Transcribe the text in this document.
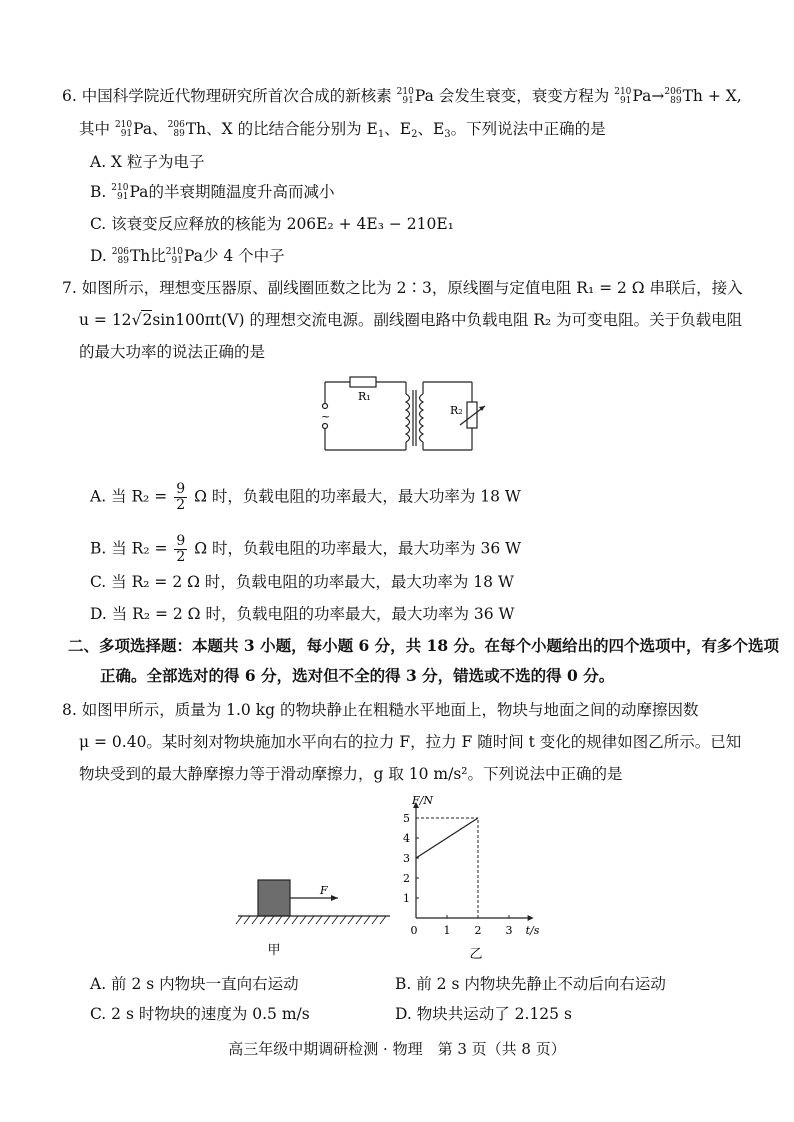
6. 中国科学院近代物理研究所首次合成的新核素 210
91 Pa 会发生衰变，衰变方程为 210
91 Pa→ 206
89 Th + X,
其中 210
91 Pa、 206
89 Th、X 的比结合能分别为 $E_1$、$E_2$、$E_3$。下列说法中正确的是
A. X 粒子为电子
B. 210
91 Pa的半衰期随温度升高而减小
C. 该衰变反应释放的核能为 206E₂ + 4E₃ − 210E₁
D. 206
89 Th比 210
91 Pa少 4 个中子
7. 如图所示，理想变压器原、副线圈匝数之比为 2∶3，原线圈与定值电阻 R₁ = 2 Ω 串联后，接入
u = 12√2sin100πt(V) 的理想交流电源。副线圈电路中负载电阻 R₂ 为可变电阻。关于负载电阻
的最大功率的说法正确的是
R₁
R₂
~
A. 当 $R_2 = \frac{9}{2}$ Ω 时，负载电阻的功率最大，最大功率为 18 W
B. 当 $R_2 = \frac{9}{2}$ Ω 时，负载电阻的功率最大，最大功率为 36 W
C. 当 R₂ = 2 Ω 时，负载电阻的功率最大，最大功率为 18 W
D. 当 R₂ = 2 Ω 时，负载电阻的功率最大，最大功率为 36 W
二、多项选择题：本题共 3 小题，每小题 6 分，共 18 分。在每个小题给出的四个选项中，有多个选项
正确。全部选对的得 6 分，选对但不全的得 3 分，错选或不选的得 0 分。
8. 如图甲所示，质量为 1.0 kg 的物块静止在粗糙水平地面上，物块与地面之间的动摩擦因数
μ = 0.40。某时刻对物块施加水平向右的拉力 F，拉力 F 随时间 t 变化的规律如图乙所示。已知
物块受到的最大静摩擦力等于滑动摩擦力，g 取 10 m/s²。下列说法中正确的是
F
甲
1
2
3
4
5
0 1 2 3
F/N
t/s
乙
A. 前 2 s 内物块一直向右运动	B. 前 2 s 内物块先静止不动后向右运动
C. 2 s 时物块的速度为 0.5 m/s	D. 物块共运动了 2.125 s
高三年级中期调研检测 · 物理　第 3 页（共 8 页）
